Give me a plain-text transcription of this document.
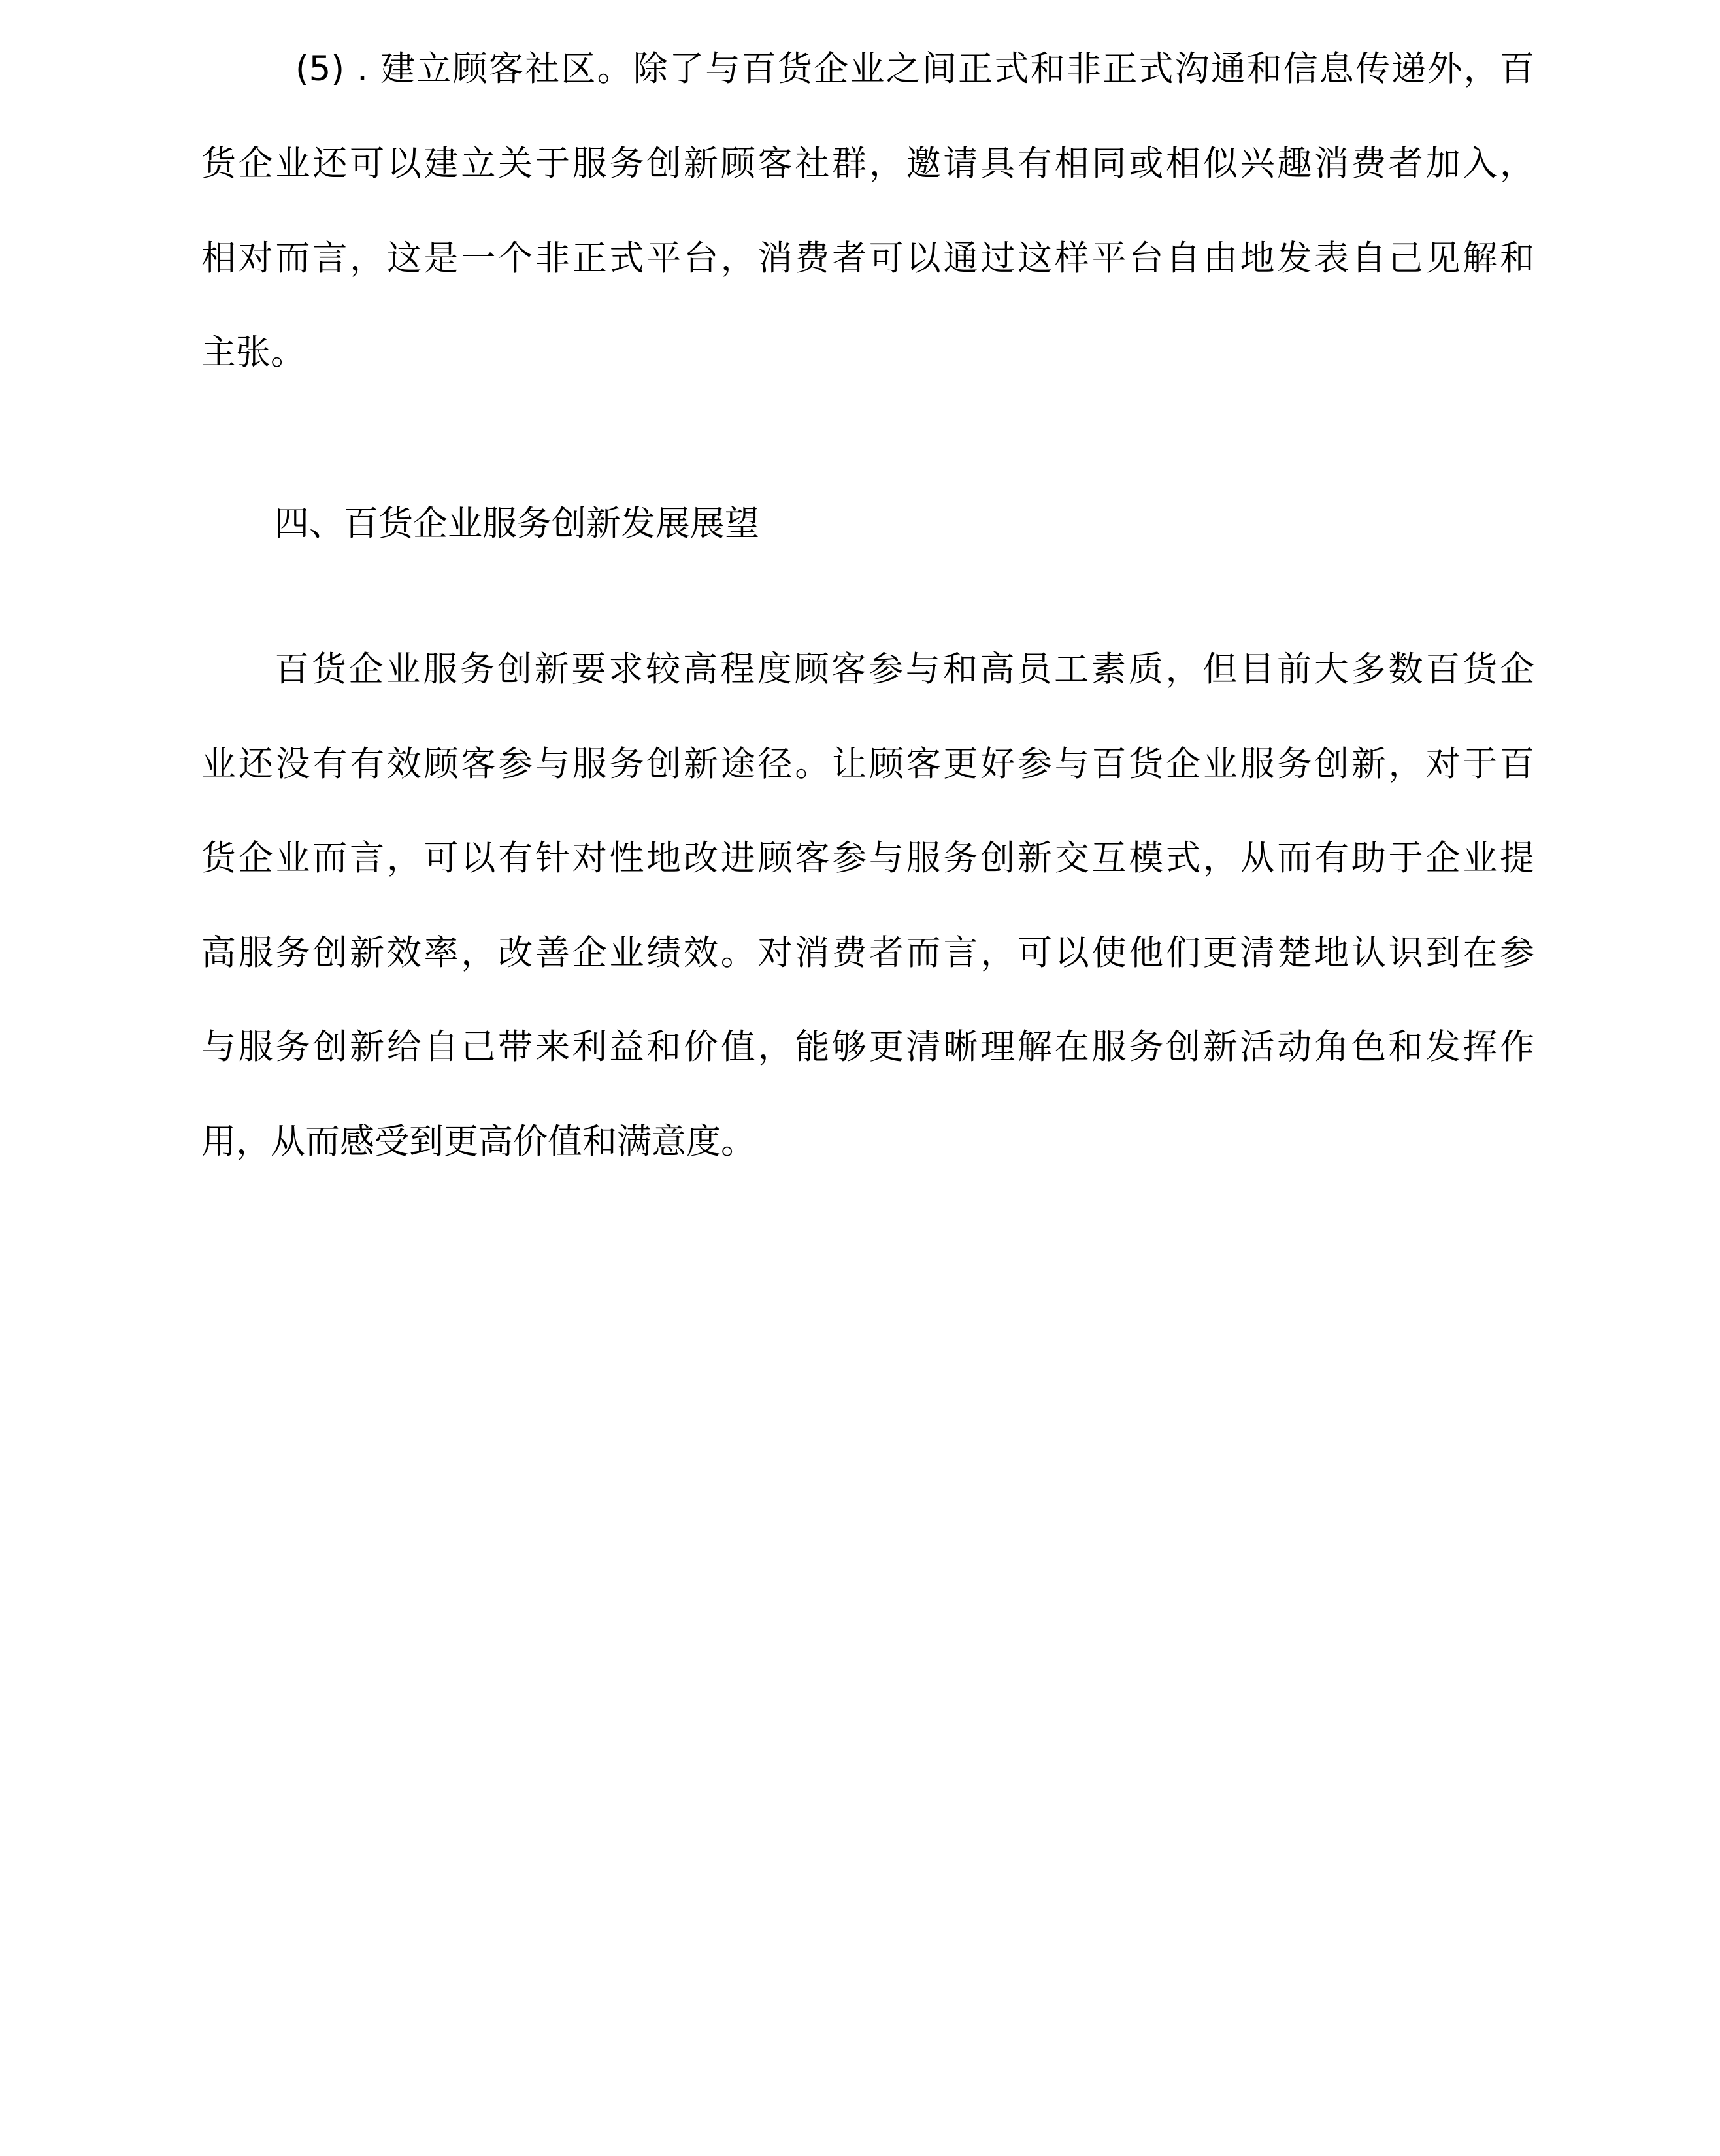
(5) . 建立顾客社区。除了与百货企业之间正式和非正式沟通和信息传递外，百
货企业还可以建立关于服务创新顾客社群，邀请具有相同或相似兴趣消费者加入，
相对而言，这是一个非正式平台，消费者可以通过这样平台自由地发表自己见解和
主张。
四、百货企业服务创新发展展望
百货企业服务创新要求较高程度顾客参与和高员工素质，但目前大多数百货企
业还没有有效顾客参与服务创新途径。让顾客更好参与百货企业服务创新，对于百
货企业而言，可以有针对性地改进顾客参与服务创新交互模式，从而有助于企业提
高服务创新效率，改善企业绩效。对消费者而言，可以使他们更清楚地认识到在参
与服务创新给自己带来利益和价值，能够更清晰理解在服务创新活动角色和发挥作
用，从而感受到更高价值和满意度。
